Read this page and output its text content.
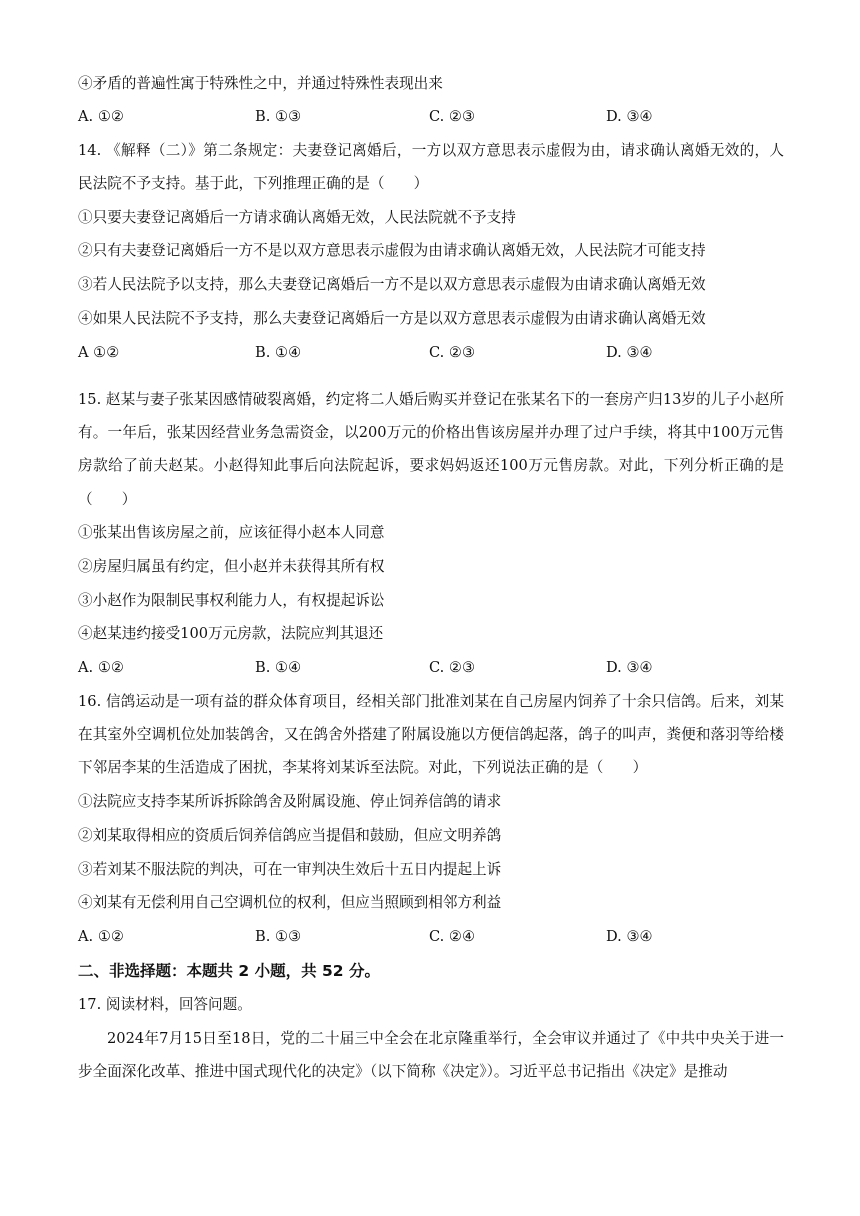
④矛盾的普遍性寓于特殊性之中，并通过特殊性表现出来
A. ①②	B. ①③	C. ②③	D. ③④
14. 《解释（二）》第二条规定：夫妻登记离婚后，一方以双方意思表示虚假为由，请求确认离婚无效的，人民法院不予支持。基于此，下列推理正确的是（　　）
①只要夫妻登记离婚后一方请求确认离婚无效，人民法院就不予支持
②只有夫妻登记离婚后一方不是以双方意思表示虚假为由请求确认离婚无效，人民法院才可能支持
③若人民法院予以支持，那么夫妻登记离婚后一方不是以双方意思表示虚假为由请求确认离婚无效
④如果人民法院不予支持，那么夫妻登记离婚后一方是以双方意思表示虚假为由请求确认离婚无效
A ①②	B. ①④	C. ②③	D. ③④
15. 赵某与妻子张某因感情破裂离婚，约定将二人婚后购买并登记在张某名下的一套房产归13岁的儿子小赵所有。一年后，张某因经营业务急需资金，以200万元的价格出售该房屋并办理了过户手续，将其中100万元售房款给了前夫赵某。小赵得知此事后向法院起诉，要求妈妈返还100万元售房款。对此，下列分析正确的是（　　）
①张某出售该房屋之前，应该征得小赵本人同意
②房屋归属虽有约定，但小赵并未获得其所有权
③小赵作为限制民事权利能力人，有权提起诉讼
④赵某违约接受100万元房款，法院应判其退还
A. ①②	B. ①④	C. ②③	D. ③④
16. 信鸽运动是一项有益的群众体育项目，经相关部门批准刘某在自己房屋内饲养了十余只信鸽。后来，刘某在其室外空调机位处加装鸽舍，又在鸽舍外搭建了附属设施以方便信鸽起落，鸽子的叫声，粪便和落羽等给楼下邻居李某的生活造成了困扰，李某将刘某诉至法院。对此，下列说法正确的是（　　）
①法院应支持李某所诉拆除鸽舍及附属设施、停止饲养信鸽的请求
②刘某取得相应的资质后饲养信鸽应当提倡和鼓励，但应文明养鸽
③若刘某不服法院的判决，可在一审判决生效后十五日内提起上诉
④刘某有无偿利用自己空调机位的权利，但应当照顾到相邻方利益
A. ①②	B. ①③	C. ②④	D. ③④
二、非选择题：本题共 2 小题，共 52 分。
17. 阅读材料，回答问题。
2024年7月15日至18日，党的二十届三中全会在北京隆重举行，全会审议并通过了《中共中央关于进一步全面深化改革、推进中国式现代化的决定》（以下简称《决定》）。习近平总书记指出《决定》是推动
